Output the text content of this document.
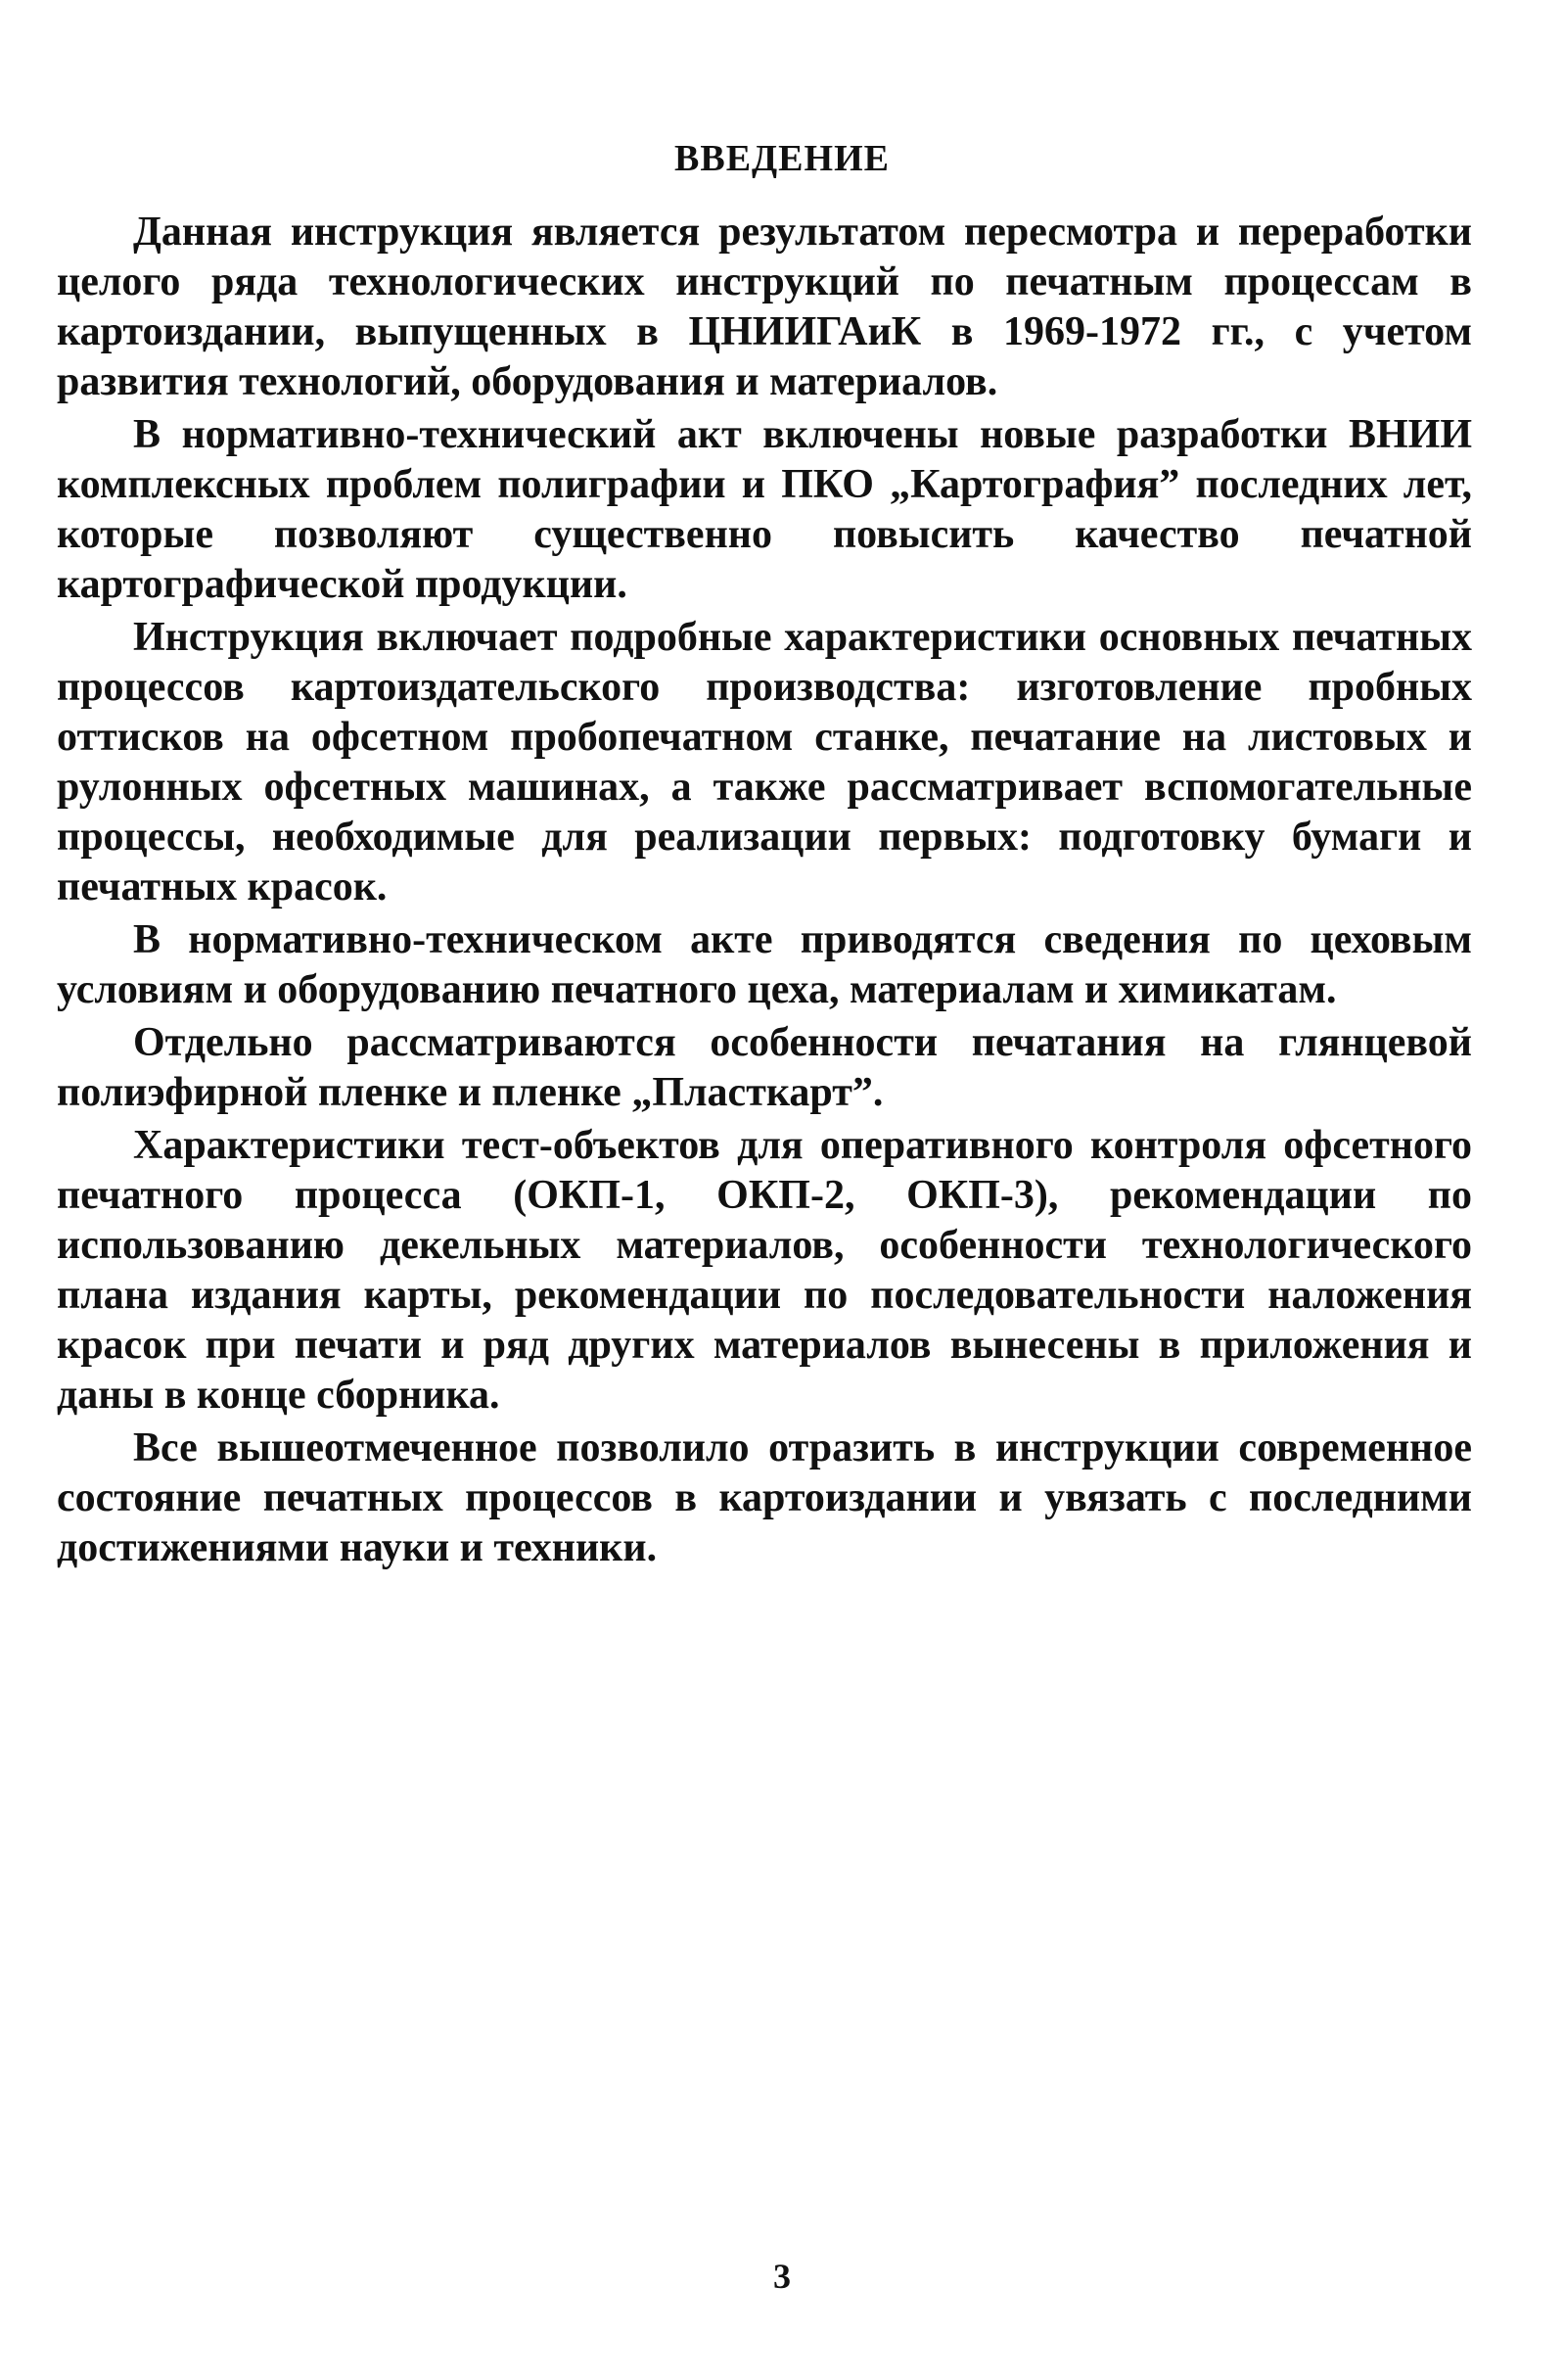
ВВЕДЕНИЕ

Данная инструкция является результатом пересмотра и переработки целого ряда технологических инструкций по печатным процессам в картоиздании, выпущенных в ЦНИИГАиК в 1969-1972 гг., с учетом развития технологий, оборудования и материалов.

В нормативно-технический акт включены новые разработки ВНИИ комплексных проблем полиграфии и ПКО „Картография” последних лет, которые позволяют существенно повысить качество печатной картографической продукции.

Инструкция включает подробные характеристики основных печатных процессов картоиздательского производства: изготовление пробных оттисков на офсетном пробопечатном станке, печатание на листовых и рулонных офсетных машинах, а также рассматривает вспомогательные процессы, необходимые для реализации первых: подготовку бумаги и печатных красок.

В нормативно-техническом акте приводятся сведения по цеховым условиям и оборудованию печатного цеха, материалам и химикатам.

Отдельно рассматриваются особенности печатания на глянцевой полиэфирной пленке и пленке „Пласткарт”.

Характеристики тест-объектов для оперативного контроля офсетного печатного процесса (ОКП-1, ОКП-2, ОКП-3), рекомендации по использованию декельных материалов, особенности технологического плана издания карты, рекомендации по последовательности наложения красок при печати и ряд других материалов вынесены в приложения и даны в конце сборника.

Все вышеотмеченное позволило отразить в инструкции современное состояние печатных процессов в картоиздании и увязать с последними достижениями науки и техники.

3
